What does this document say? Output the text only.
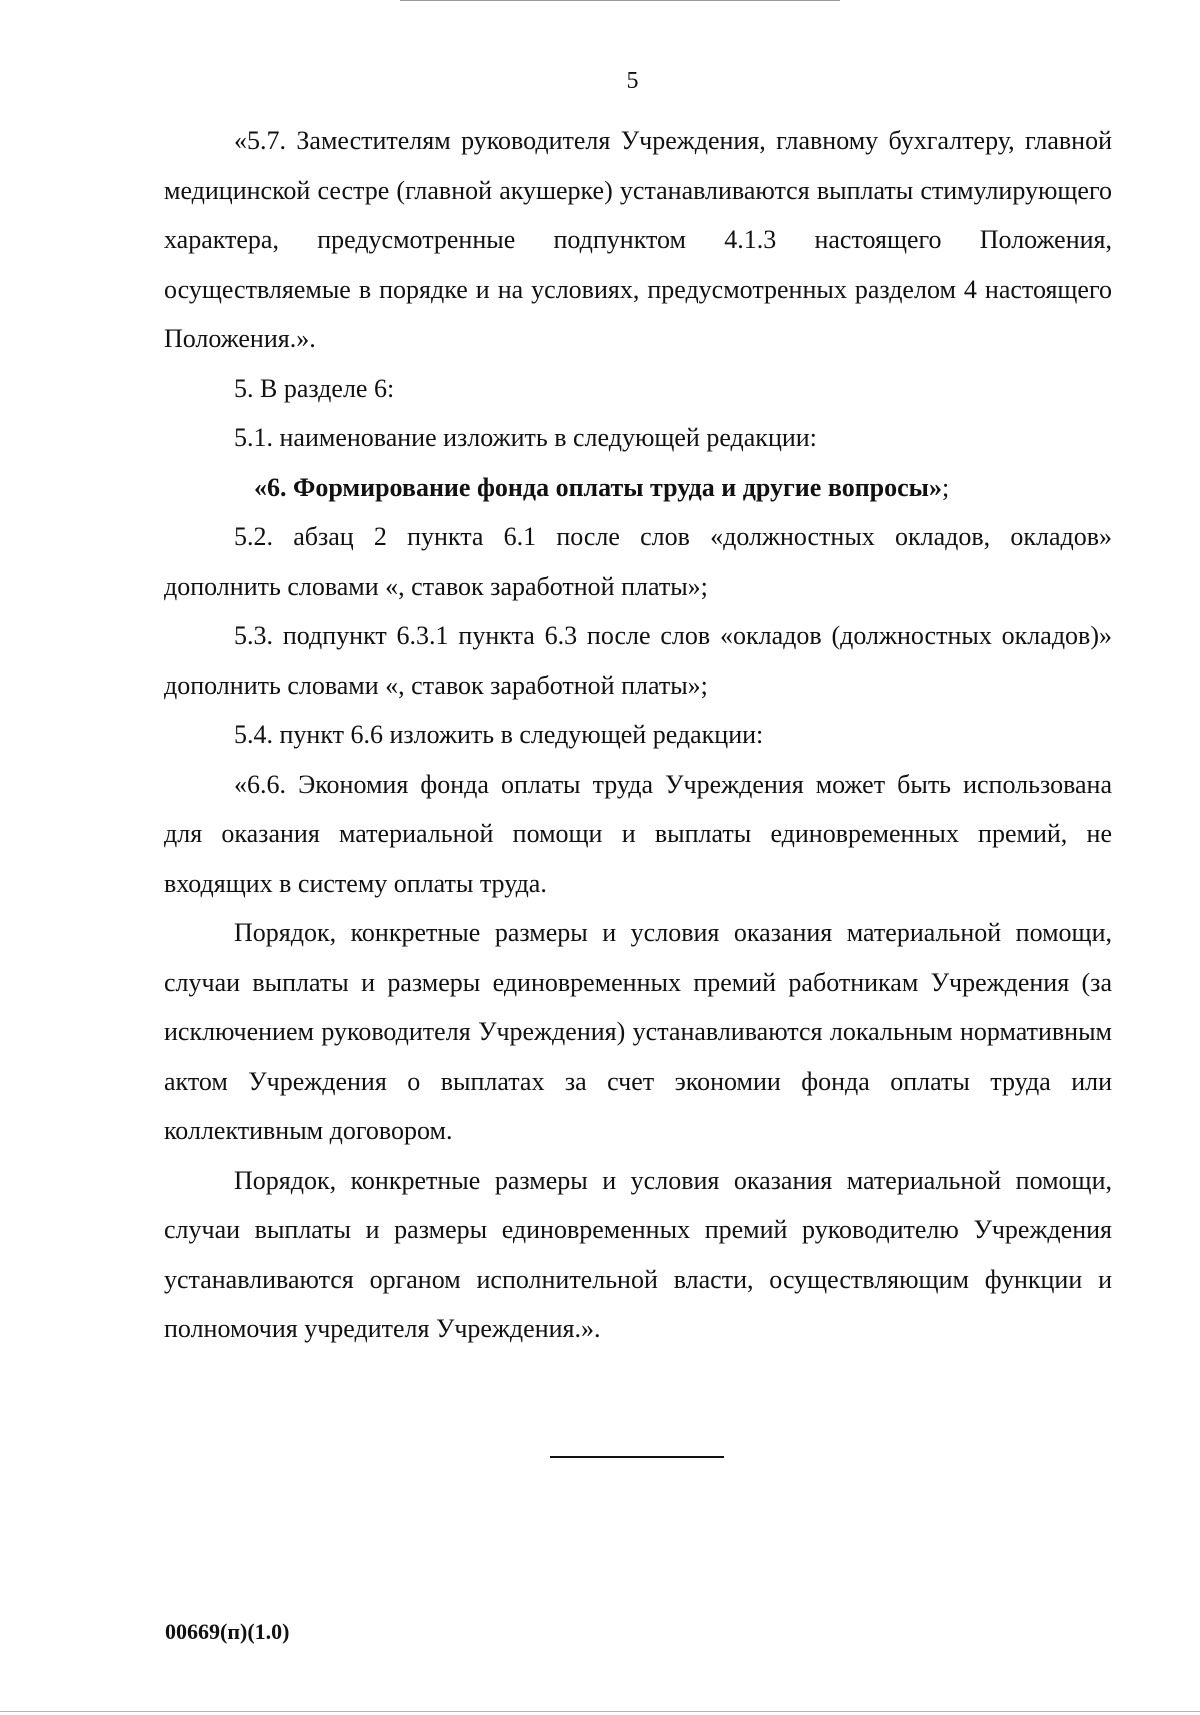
5

«5.7. Заместителям руководителя Учреждения, главному бухгалтеру, главной медицинской сестре (главной акушерке) устанавливаются выплаты стимулирующего характера, предусмотренные подпунктом 4.1.3 настоящего Положения, осуществляемые в порядке и на условиях, предусмотренных разделом 4 настоящего Положения.».

5. В разделе 6:

5.1. наименование изложить в следующей редакции:

«6. Формирование фонда оплаты труда и другие вопросы»;

5.2. абзац 2 пункта 6.1 после слов «должностных окладов, окладов» дополнить словами «, ставок заработной платы»;

5.3. подпункт 6.3.1 пункта 6.3 после слов «окладов (должностных окладов)» дополнить словами «, ставок заработной платы»;

5.4. пункт 6.6 изложить в следующей редакции:

«6.6. Экономия фонда оплаты труда Учреждения может быть использована для оказания материальной помощи и выплаты единовременных премий, не входящих в систему оплаты труда.

Порядок, конкретные размеры и условия оказания материальной помощи, случаи выплаты и размеры единовременных премий работникам Учреждения (за исключением руководителя Учреждения) устанавливаются локальным нормативным актом Учреждения о выплатах за счет экономии фонда оплаты труда или коллективным договором.

Порядок, конкретные размеры и условия оказания материальной помощи, случаи выплаты и размеры единовременных премий руководителю Учреждения устанавливаются органом исполнительной власти, осуществляющим функции и полномочия учредителя Учреждения.».

00669(п)(1.0)
